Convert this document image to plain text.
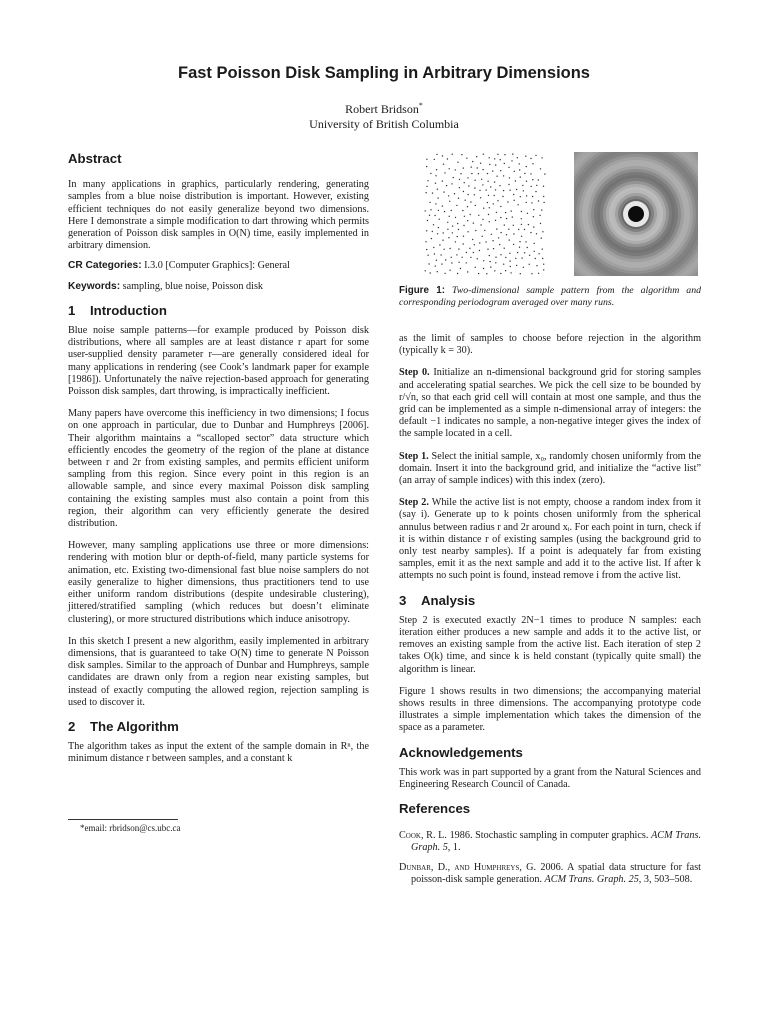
Fast Poisson Disk Sampling in Arbitrary Dimensions
Robert Bridson*
University of British Columbia
Abstract

In many applications in graphics, particularly rendering, generating samples from a blue noise distribution is important. However, existing efficient techniques do not easily generalize beyond two dimensions. Here I demonstrate a simple modification to dart throwing which permits generation of Poisson disk samples in O(N) time, easily implemented in arbitrary dimension.

CR Categories: I.3.0 [Computer Graphics]: General

Keywords: sampling, blue noise, Poisson disk

1 Introduction

Blue noise sample patterns—for example produced by Poisson disk distributions, where all samples are at least distance r apart for some user-supplied density parameter r—are generally considered ideal for many applications in rendering (see Cook’s landmark paper for example [1986]). Unfortunately the naïve rejection-based approach for generating Poisson disk samples, dart throwing, is impractically inefficient.

Many papers have overcome this inefficiency in two dimensions; I focus on one approach in particular, due to Dunbar and Humphreys [2006]. Their algorithm maintains a “scalloped sector” data structure which efficiently encodes the geometry of the region of the plane at distance between r and 2r from existing samples, and permits efficient uniform sampling from this region. Since every point in this region is an allowable sample, and since every maximal Poisson disk sampling containing the existing samples must also contain a point from this region, their algorithm can very efficiently generate the desired distribution.

However, many sampling applications use three or more dimensions: rendering with motion blur or depth-of-field, many particle systems for animation, etc. Existing two-dimensional fast blue noise samplers do not easily generalize to higher dimensions, thus practitioners tend to use either uniform random distributions (despite undesirable clustering), jittered/stratified sampling (which reduces but doesn’t eliminate clustering), or more structured distributions which induce anisotropy.

In this sketch I present a new algorithm, easily implemented in arbitrary dimensions, that is guaranteed to take O(N) time to generate N Poisson disk samples. Similar to the approach of Dunbar and Humphreys, sample candidates are drawn only from a region near existing samples, but instead of exactly computing the allowed region, rejection sampling is used to discover it.

2 The Algorithm

The algorithm takes as input the extent of the sample domain in Rⁿ, the minimum distance r between samples, and a constant k

*email: rbridson@cs.ubc.ca

Figure 1: Two-dimensional sample pattern from the algorithm and corresponding periodogram averaged over many runs.

as the limit of samples to choose before rejection in the algorithm (typically k = 30).

Step 0. Initialize an n-dimensional background grid for storing samples and accelerating spatial searches. We pick the cell size to be bounded by r/√n, so that each grid cell will contain at most one sample, and thus the grid can be implemented as a simple n-dimensional array of integers: the default −1 indicates no sample, a non-negative integer gives the index of the sample located in a cell.

Step 1. Select the initial sample, x₀, randomly chosen uniformly from the domain. Insert it into the background grid, and initialize the “active list” (an array of sample indices) with this index (zero).

Step 2. While the active list is not empty, choose a random index from it (say i). Generate up to k points chosen uniformly from the spherical annulus between radius r and 2r around xᵢ. For each point in turn, check if it is within distance r of existing samples (using the background grid to only test nearby samples). If a point is adequately far from existing samples, emit it as the next sample and add it to the active list. If after k attempts no such point is found, instead remove i from the active list.

3 Analysis

Step 2 is executed exactly 2N−1 times to produce N samples: each iteration either produces a new sample and adds it to the active list, or removes an existing sample from the active list. Each iteration of step 2 takes O(k) time, and since k is held constant (typically quite small) the algorithm is linear.

Figure 1 shows results in two dimensions; the accompanying material shows results in three dimensions. The accompanying prototype code illustrates a simple implementation which takes the dimension of the space as a parameter.

Acknowledgements

This work was in part supported by a grant from the Natural Sciences and Engineering Research Council of Canada.

References

Cook, R. L. 1986. Stochastic sampling in computer graphics. ACM Trans. Graph. 5, 1.

Dunbar, D., and Humphreys, G. 2006. A spatial data structure for fast poisson-disk sample generation. ACM Trans. Graph. 25, 3, 503–508.
